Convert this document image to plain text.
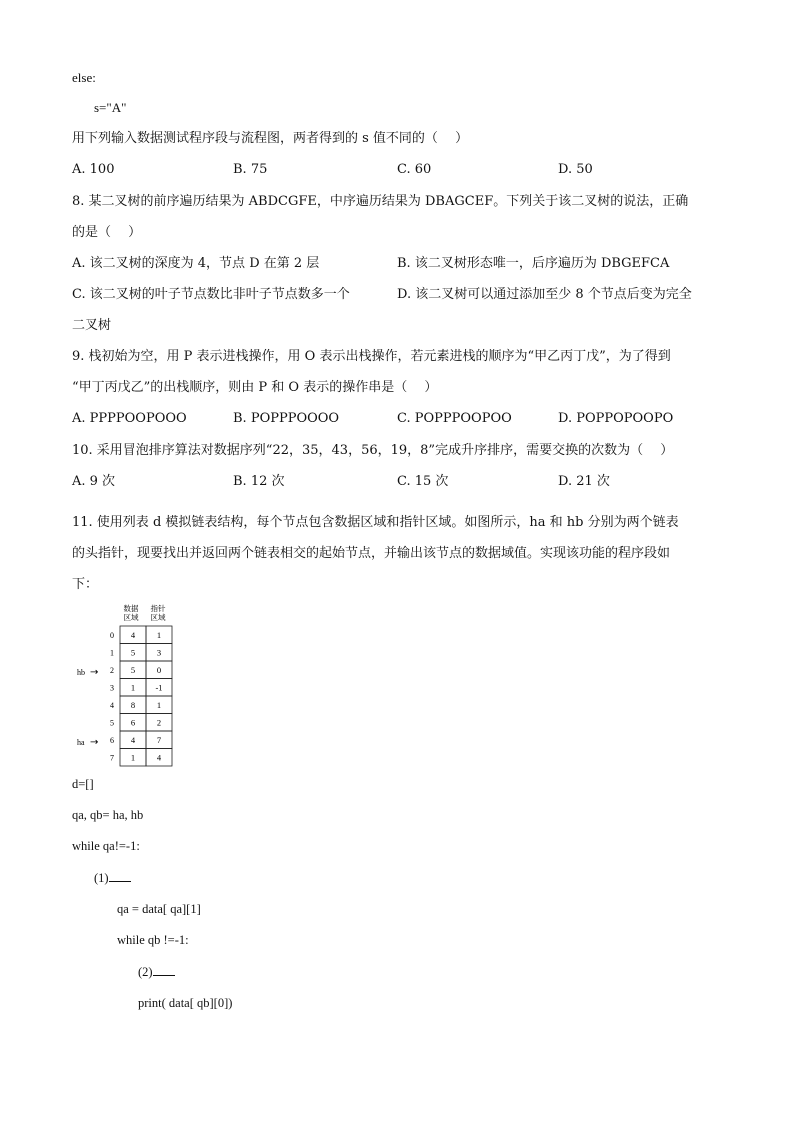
else:
s="A"
用下列输入数据测试程序段与流程图，两者得到的 s 值不同的（　 ）
A. 100	B. 75	C. 60	D. 50
8. 某二叉树的前序遍历结果为 ABDCGFE，中序遍历结果为 DBAGCEF。下列关于该二叉树的说法，正确
的是（　 ）
A. 该二叉树的深度为 4，节点 D 在第 2 层	B. 该二叉树形态唯一，后序遍历为 DBGEFCA
C. 该二叉树的叶子节点数比非叶子节点数多一个	D. 该二叉树可以通过添加至少 8 个节点后变为完全
二叉树
9. 栈初始为空，用 P 表示进栈操作，用 O 表示出栈操作，若元素进栈的顺序为“甲乙丙丁戊”，为了得到
“甲丁丙戊乙”的出栈顺序，则由 P 和 O 表示的操作串是（　 ）
A. PPPPOOPOOO	B. POPPPOOOO	C. POPPPOOPOO	D. POPPOPOOPO
10. 采用冒泡排序算法对数据序列“22，35，43，56，19，8”完成升序排序，需要交换的次数为（　 ）
A. 9 次	B. 12 次	C. 15 次	D. 21 次
11. 使用列表 d 模拟链表结构，每个节点包含数据区域和指针区域。如图所示，ha 和 hb 分别为两个链表
的头指针，现要找出并返回两个链表相交的起始节点，并输出该节点的数据域值。实现该功能的程序段如
下：
数据
区域
指针
区域
0 4	1
1 5	3
2 5	0
3 1 -1
4 8	1
5 6	2
6 4	7
7 1	4
hb →
ha →
d=[]
qa, qb= ha, hb
while qa!=-1:
(1)
qa = data[ qa][1]
while qb !=-1:
(2)
print( data[ qb][0])
